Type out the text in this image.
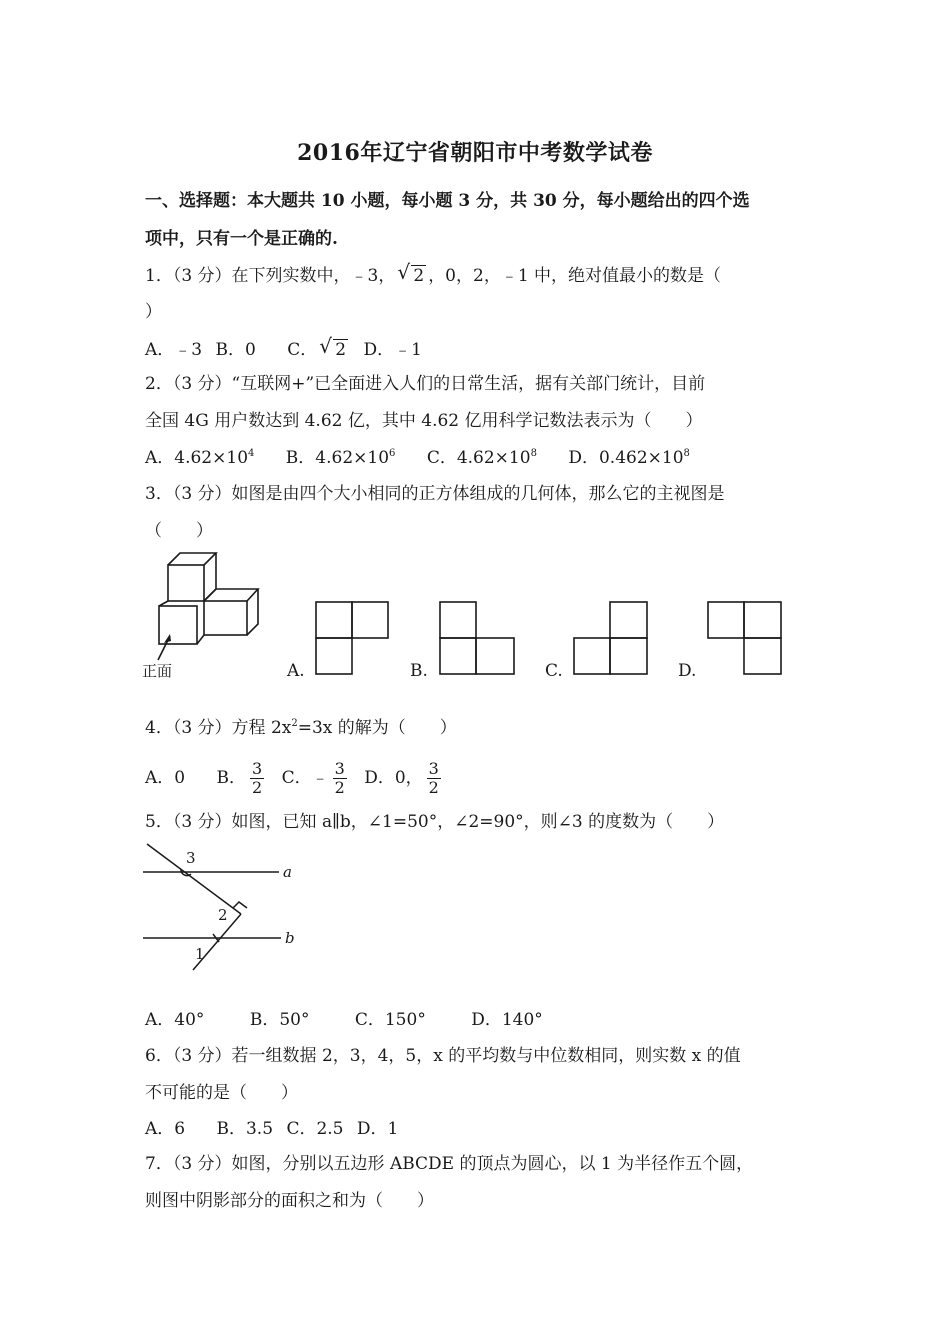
2016年辽宁省朝阳市中考数学试卷
一、选择题：本大题共 10 小题，每小题 3 分，共 30 分，每小题给出的四个选
项中，只有一个是正确的.
1．（3 分）在下列实数中，﹣3， √ 2 ，0，2，﹣1 中，绝对值最小的数是（
）
A．﹣3 B．0 C． √ 2 D．﹣1
2．（3 分）“互联网+”已全面进入人们的日常生活，据有关部门统计，目前
全国 4G 用户数达到 4.62 亿，其中 4.62 亿用科学记数法表示为（　　）
A．$4.62\times 10^4$ B．$4.62\times 10^6$ C．$4.62\times 10^8$ D．$0.462\times 10^8$
3．（3 分）如图是由四个大小相同的正方体组成的几何体，那么它的主视图是
（　　）
正面	A.	B.	C.	D.
4．（3 分）方程 $2x^2=3x$ 的解为（　　）
A．0 B． $\frac{3}{2}$ C．﹣ $\frac{3}{2}$ D．0， $\frac{3}{2}$
5．（3 分）如图，已知 a∥b，∠1=50°，∠2=90°，则∠3 的度数为（　　）
a
b
3
2
1
A．40°	B．50°	C．150°	D．140°
6．（3 分）若一组数据 2，3，4，5，x 的平均数与中位数相同，则实数 x 的值
不可能的是（　　）
A．6 B．3.5 C．2.5 D．1
7．（3 分）如图，分别以五边形 ABCDE 的顶点为圆心，以 1 为半径作五个圆，
则图中阴影部分的面积之和为（　　）
